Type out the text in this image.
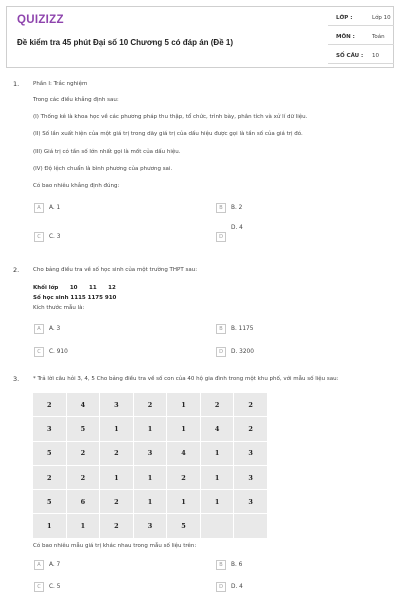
QUIZIZZ
Đề kiểm tra 45 phút Đại số 10 Chương 5 có đáp án (Đề 1)
LỚP :	Lớp 10
MÔN :	Toán
SỐ CÂU : 10
1.	Phần I: Trắc nghiệm
Trong các điều khẳng định sau:
(I) Thống kê là khoa học về các phương pháp thu thập, tổ chức, trình bày, phân tích và xử lí dữ liệu.
(II) Số lần xuất hiện của một giá trị trong dãy giá trị của dấu hiệu được gọi là tần số của giá trị đó.
(III) Giá trị có tần số lớn nhất gọi là mốt của dấu hiệu.
(IV) Độ lệch chuẩn là bình phương của phương sai.
Có bao nhiêu khẳng định đúng:
A	A. 1	B	B. 2
C	C. 3	D
D. 4
2.	Cho bảng điều tra về số học sinh của một trường THPT sau:
Khối lớp      10      11      12
Số học sinh 1115 1175 910
Kích thước mẫu là:
A	A. 3	B	B. 1175
C	C. 910	D	D. 3200
3.	* Trả lời câu hỏi 3, 4, 5 Cho bảng điều tra về số con của 40 hộ gia đình trong một khu phố, với mẫu số liệu sau:
2	4	3	2	1	2	2
3	5	1	1	1	4	2
5	2	2	3	4	1	3
2	2	1	1	2	1	3
5	6	2	1	1	1	3
1	1	2	3	5		
Có bao nhiêu mẫu giá trị khác nhau trong mẫu số liệu trên:
A	A. 7	B	B. 6
C	C. 5	D	D. 4
